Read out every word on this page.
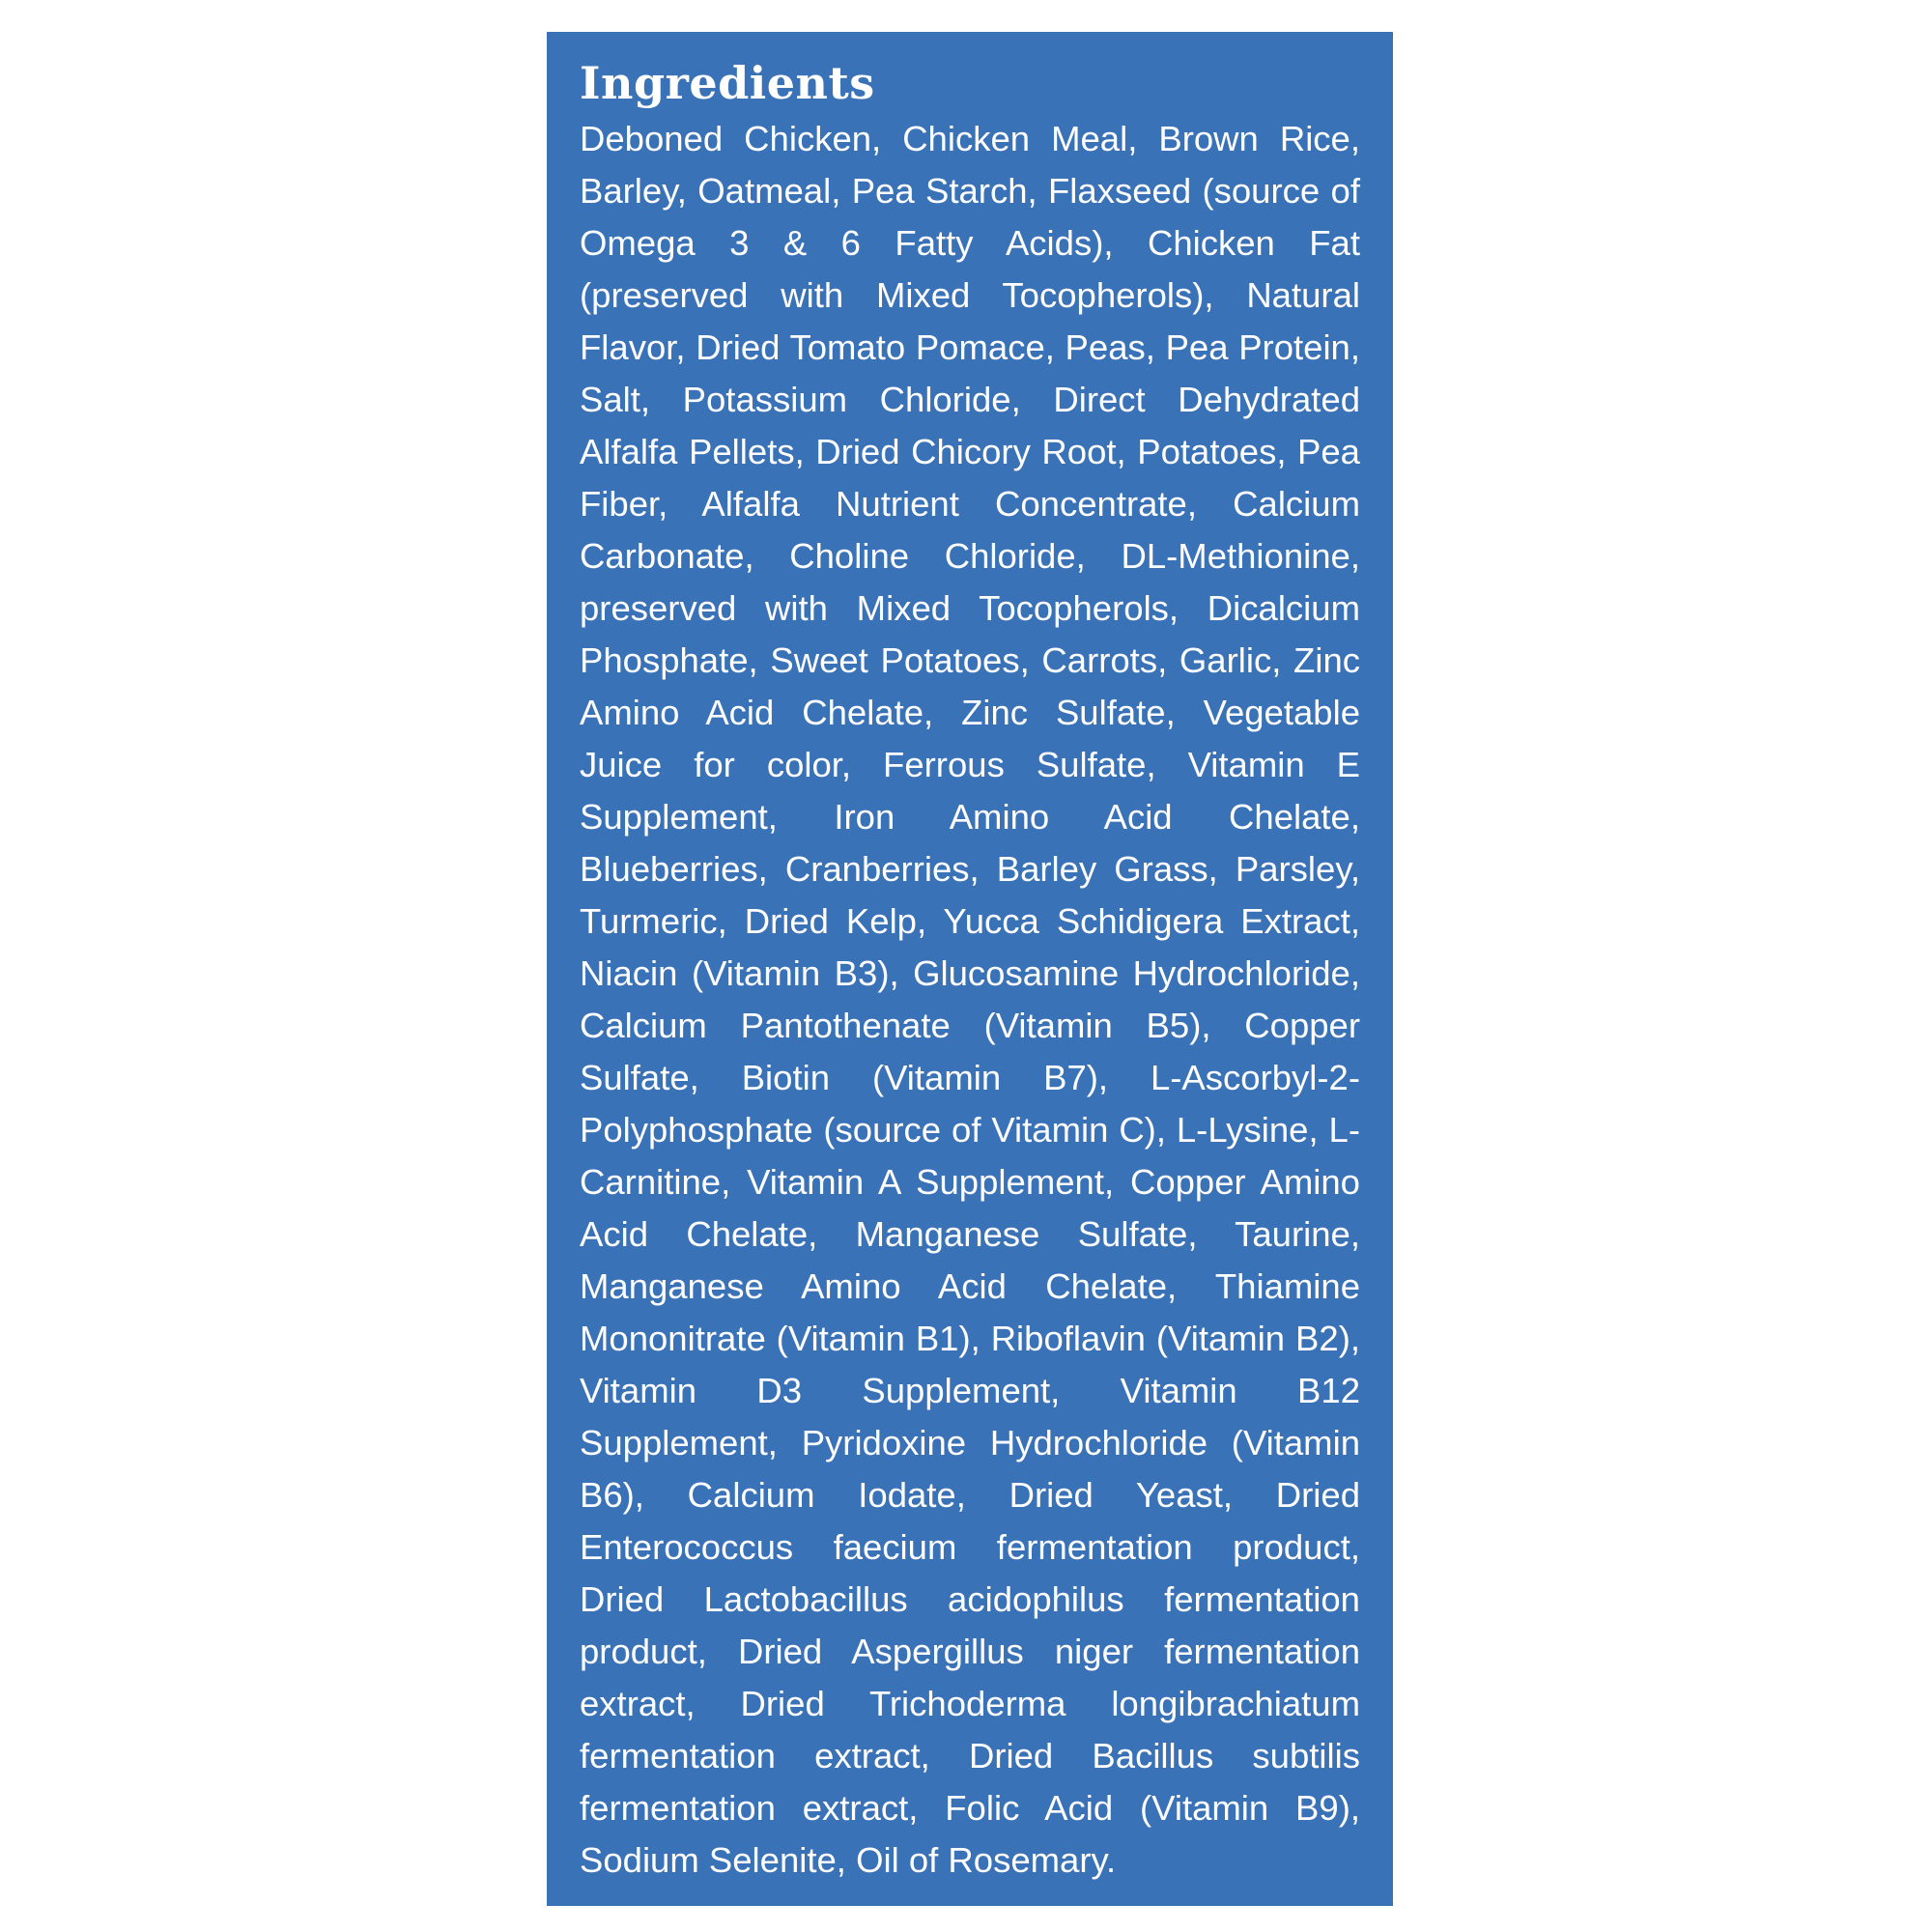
Ingredients

Deboned Chicken, Chicken Meal, Brown Rice, Barley, Oatmeal, Pea Starch, Flaxseed (source of Omega 3 & 6 Fatty Acids), Chicken Fat (preserved with Mixed Tocopherols), Natural Flavor, Dried Tomato Pomace, Peas, Pea Protein, Salt, Potassium Chloride, Direct Dehydrated Alfalfa Pellets, Dried Chicory Root, Potatoes, Pea Fiber, Alfalfa Nutrient Concentrate, Calcium Carbonate, Choline Chloride, DL-Methionine, preserved with Mixed Tocopherols, Dicalcium Phosphate, Sweet Potatoes, Carrots, Garlic, Zinc Amino Acid Chelate, Zinc Sulfate, Vegetable Juice for color, Ferrous Sulfate, Vitamin E Supplement, Iron Amino Acid Chelate, Blueberries, Cranberries, Barley Grass, Parsley, Turmeric, Dried Kelp, Yucca Schidigera Extract, Niacin (Vitamin B3), Glucosamine Hydrochloride, Calcium Pantothenate (Vitamin B5), Copper Sulfate, Biotin (Vitamin B7), L-Ascorbyl-2-Polyphosphate (source of Vitamin C), L-Lysine, L-Carnitine, Vitamin A Supplement, Copper Amino Acid Chelate, Manganese Sulfate, Taurine, Manganese Amino Acid Chelate, Thiamine Mononitrate (Vitamin B1), Riboflavin (Vitamin B2), Vitamin D3 Supplement, Vitamin B12 Supplement, Pyridoxine Hydrochloride (Vitamin B6), Calcium Iodate, Dried Yeast, Dried Enterococcus faecium fermentation product, Dried Lactobacillus acidophilus fermentation product, Dried Aspergillus niger fermentation extract, Dried Trichoderma longibrachiatum fermentation extract, Dried Bacillus subtilis fermentation extract, Folic Acid (Vitamin B9), Sodium Selenite, Oil of Rosemary.
